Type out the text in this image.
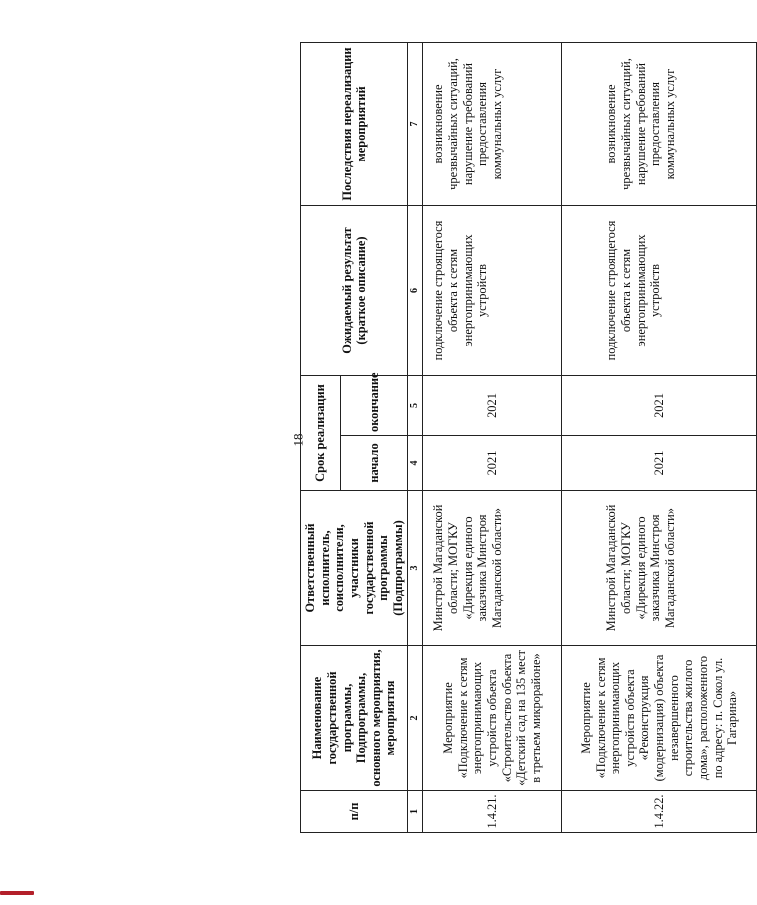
18
п/п	Наименование государственной программы, Подпрограммы, основного мероприятия, мероприятия	Ответственный исполнитель, соисполнители, участники государственной программы (Подпрограммы)	Срок реализации		Ожидаемый результат (краткое описание)	Последствия нереализации мероприятий
			начало	окончание		
1	2	3	4	5	6	7
1.4.21.	Мероприятие «Подключение к сетям энергопринимающих устройств объекта «Строительство объекта «Детский сад на 135 мест в третьем микрорайоне»	Минстрой Магаданской области; МОГКУ «Дирекция единого заказчика Минстроя Магаданской области»	2021	2021	подключение строящегося объекта к сетям энергопринимающих устройств	возникновение чрезвычайных ситуаций, нарушение требований предоставления коммунальных услуг
1.4.22.	Мероприятие «Подключение к сетям энергопринимающих устройств объекта «Реконструкция (модернизация) объекта незавершенного строительства жилого дома», расположенного по адресу: п. Сокол ул. Гагарина»	Минстрой Магаданской области; МОГКУ «Дирекция единого заказчика Минстроя Магаданской области»	2021	2021	подключение строящегося объекта к сетям энергопринимающих устройств	возникновение чрезвычайных ситуаций, нарушение требований предоставления коммунальных услуг
